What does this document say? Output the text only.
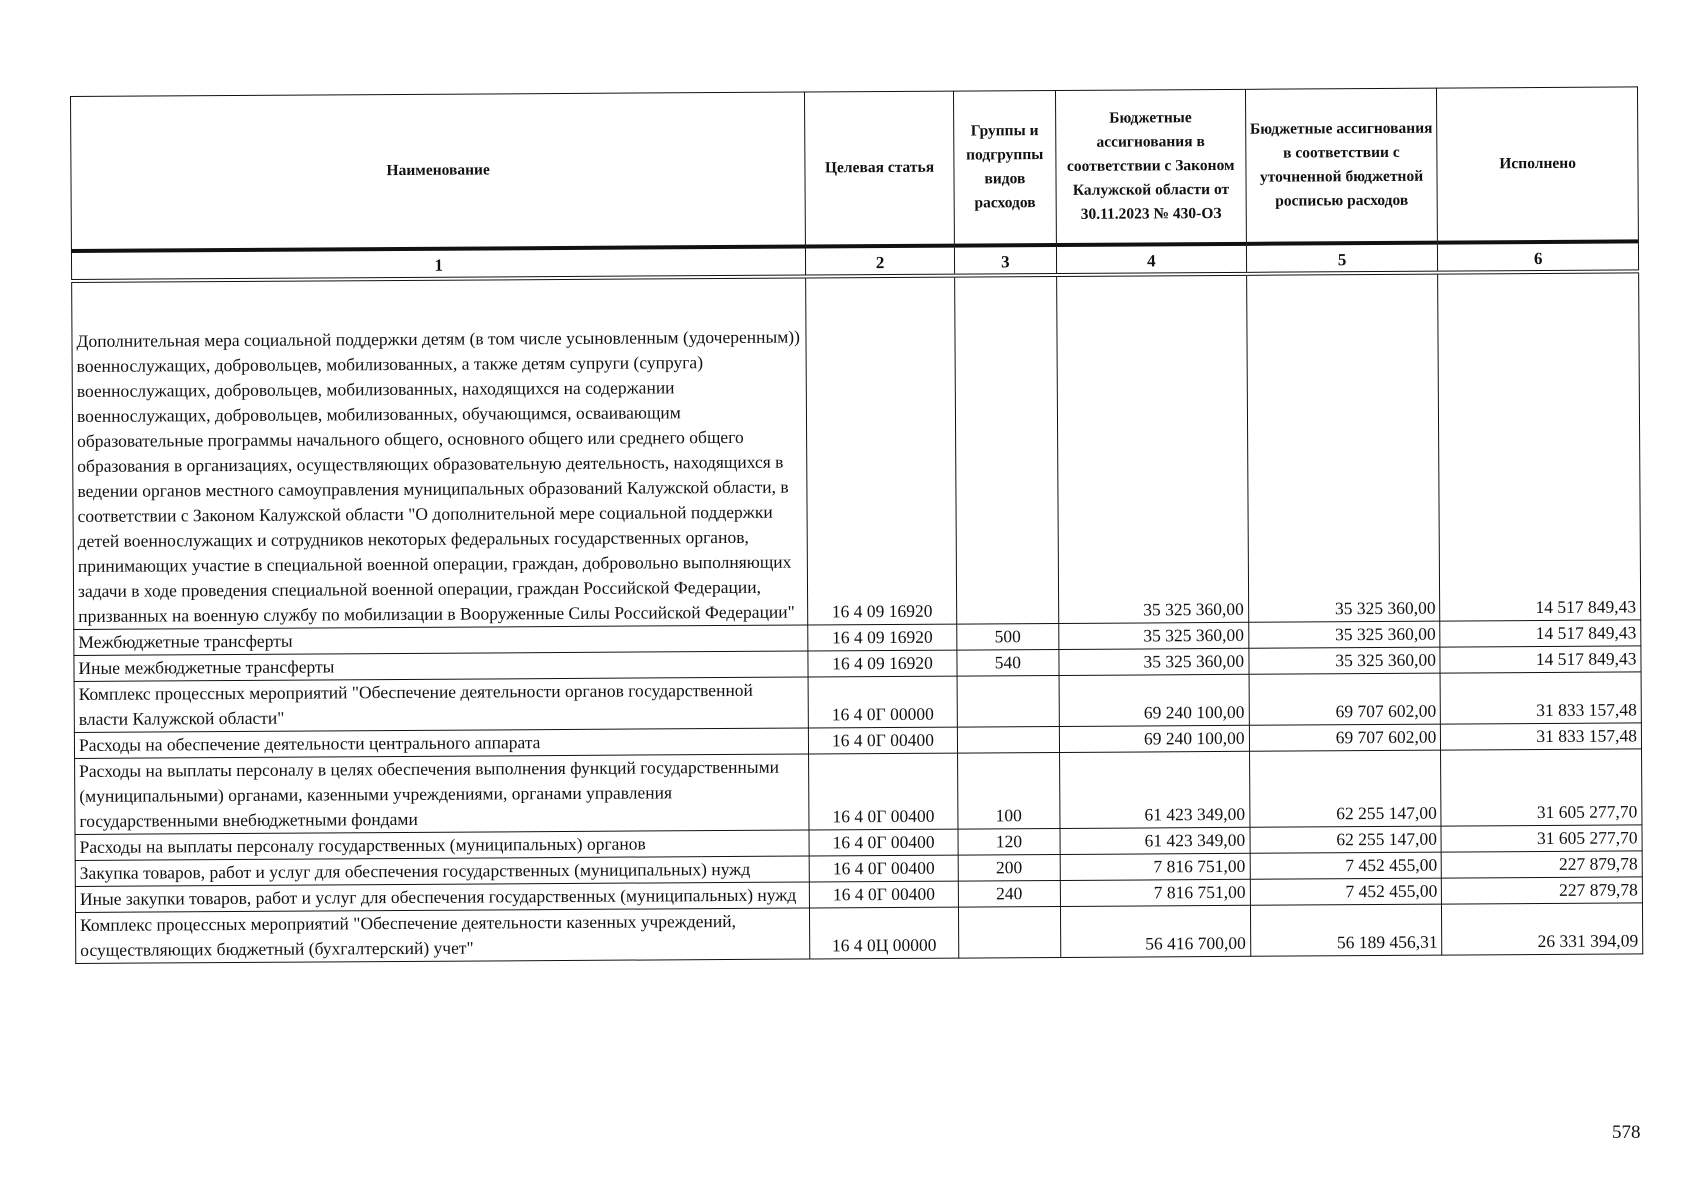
Наименование	Целевая статья	Группы и подгруппы видов расходов	Бюджетные ассигнования в соответствии с Законом Калужской области от 30.11.2023 № 430-ОЗ	Бюджетные ассигнования в соответствии с уточненной бюджетной росписью расходов	Исполнено
1	2	3	4	5	6
Дополнительная мера социальной поддержки детям (в том числе усыновленным (удочеренным)) военнослужащих, добровольцев, мобилизованных, а также детям супруги (супруга) военнослужащих, добровольцев, мобилизованных, находящихся на содержании военнослужащих, добровольцев, мобилизованных, обучающимся, осваивающим образовательные программы начального общего, основного общего или среднего общего образования в организациях, осуществляющих образовательную деятельность, находящихся в ведении органов местного самоуправления муниципальных образований Калужской области, в соответствии с Законом Калужской области "О дополнительной мере социальной поддержки детей военнослужащих и сотрудников некоторых федеральных государственных органов, принимающих участие в специальной военной операции, граждан, добровольно выполняющих задачи в ходе проведения специальной военной операции, граждан Российской Федерации, призванных на военную службу по мобилизации в Вооруженные Силы Российской Федерации"	16 4 09 16920		35 325 360,00	35 325 360,00	14 517 849,43
Межбюджетные трансферты	16 4 09 16920	500	35 325 360,00	35 325 360,00	14 517 849,43
Иные межбюджетные трансферты	16 4 09 16920	540	35 325 360,00	35 325 360,00	14 517 849,43
Комплекс процессных мероприятий "Обеспечение деятельности органов государственной власти Калужской области"	16 4 0Г 00000		69 240 100,00	69 707 602,00	31 833 157,48
Расходы на обеспечение деятельности центрального аппарата	16 4 0Г 00400		69 240 100,00	69 707 602,00	31 833 157,48
Расходы на выплаты персоналу в целях обеспечения выполнения функций государственными (муниципальными) органами, казенными учреждениями, органами управления государственными внебюджетными фондами	16 4 0Г 00400	100	61 423 349,00	62 255 147,00	31 605 277,70
Расходы на выплаты персоналу государственных (муниципальных) органов	16 4 0Г 00400	120	61 423 349,00	62 255 147,00	31 605 277,70
Закупка товаров, работ и услуг для обеспечения государственных (муниципальных) нужд	16 4 0Г 00400	200	7 816 751,00	7 452 455,00	227 879,78
Иные закупки товаров, работ и услуг для обеспечения государственных (муниципальных) нужд	16 4 0Г 00400	240	7 816 751,00	7 452 455,00	227 879,78
Комплекс процессных мероприятий "Обеспечение деятельности казенных учреждений, осуществляющих бюджетный (бухгалтерский) учет"	16 4 0Ц 00000		56 416 700,00	56 189 456,31	26 331 394,09
578
